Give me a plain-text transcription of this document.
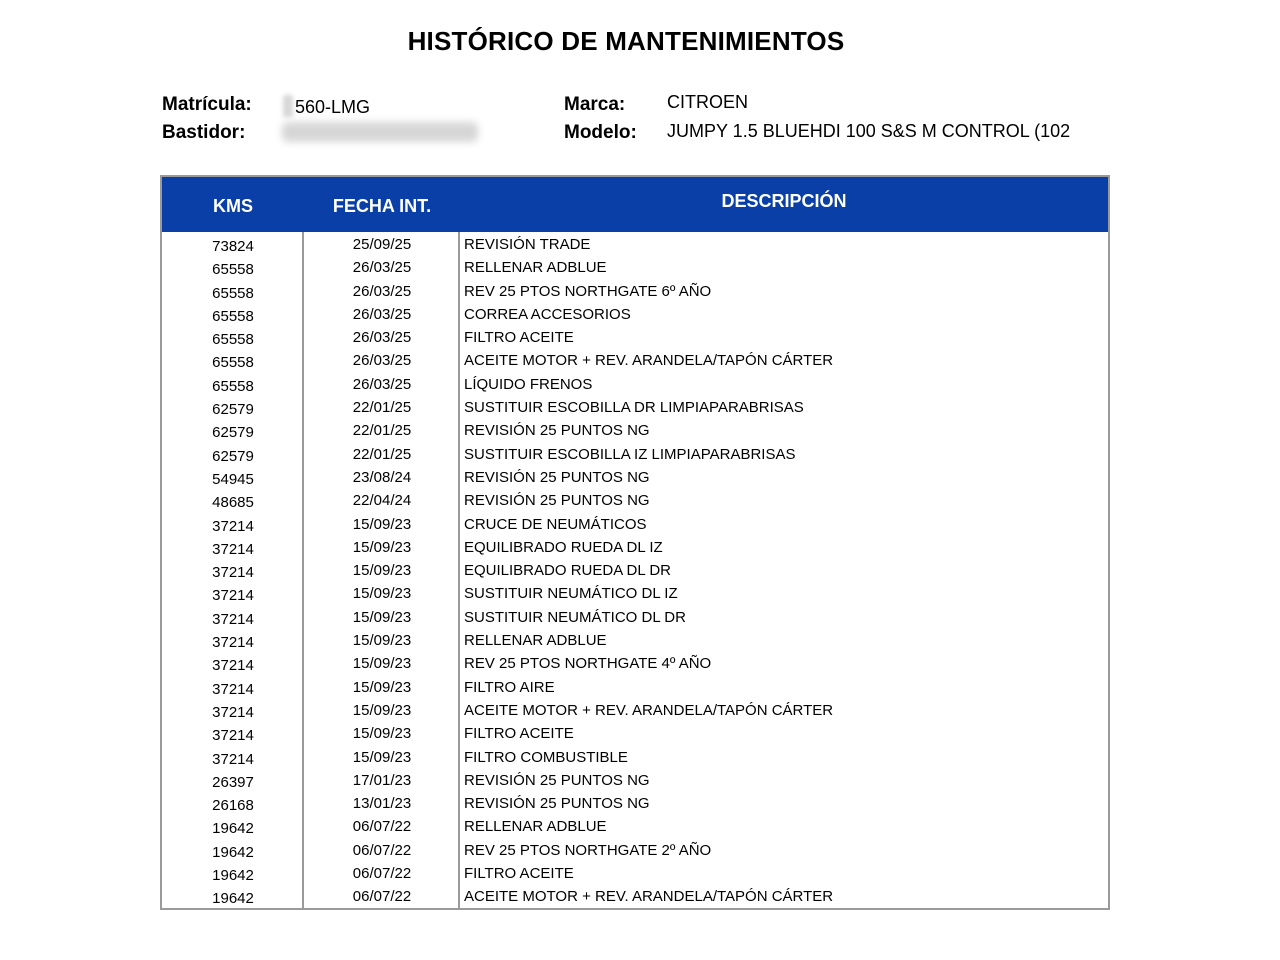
HISTÓRICO DE MANTENIMIENTOS
Matrícula:	560-LMG
Bastidor:
Marca: CITROEN
Modelo: JUMPY 1.5 BLUEHDI 100 S&S M CONTROL (102
KMS	FECHA INT.	DESCRIPCIÓN
73824	25/09/25	REVISIÓN TRADE
65558	26/03/25	RELLENAR ADBLUE
65558	26/03/25	REV 25 PTOS NORTHGATE 6º AÑO
65558	26/03/25	CORREA ACCESORIOS
65558	26/03/25	FILTRO ACEITE
65558	26/03/25	ACEITE MOTOR + REV. ARANDELA/TAPÓN CÁRTER
65558	26/03/25	LÍQUIDO FRENOS
62579	22/01/25	SUSTITUIR ESCOBILLA DR LIMPIAPARABRISAS
62579	22/01/25	REVISIÓN 25 PUNTOS NG
62579	22/01/25	SUSTITUIR ESCOBILLA IZ LIMPIAPARABRISAS
54945	23/08/24	REVISIÓN 25 PUNTOS NG
48685	22/04/24	REVISIÓN 25 PUNTOS NG
37214	15/09/23	CRUCE DE NEUMÁTICOS
37214	15/09/23	EQUILIBRADO RUEDA DL IZ
37214	15/09/23	EQUILIBRADO RUEDA DL DR
37214	15/09/23	SUSTITUIR NEUMÁTICO DL IZ
37214	15/09/23	SUSTITUIR NEUMÁTICO DL DR
37214	15/09/23	RELLENAR ADBLUE
37214	15/09/23	REV 25 PTOS NORTHGATE 4º AÑO
37214	15/09/23	FILTRO AIRE
37214	15/09/23	ACEITE MOTOR + REV. ARANDELA/TAPÓN CÁRTER
37214	15/09/23	FILTRO ACEITE
37214	15/09/23	FILTRO COMBUSTIBLE
26397	17/01/23	REVISIÓN 25 PUNTOS NG
26168	13/01/23	REVISIÓN 25 PUNTOS NG
19642	06/07/22	RELLENAR ADBLUE
19642	06/07/22	REV 25 PTOS NORTHGATE 2º AÑO
19642	06/07/22	FILTRO ACEITE
19642	06/07/22	ACEITE MOTOR + REV. ARANDELA/TAPÓN CÁRTER
